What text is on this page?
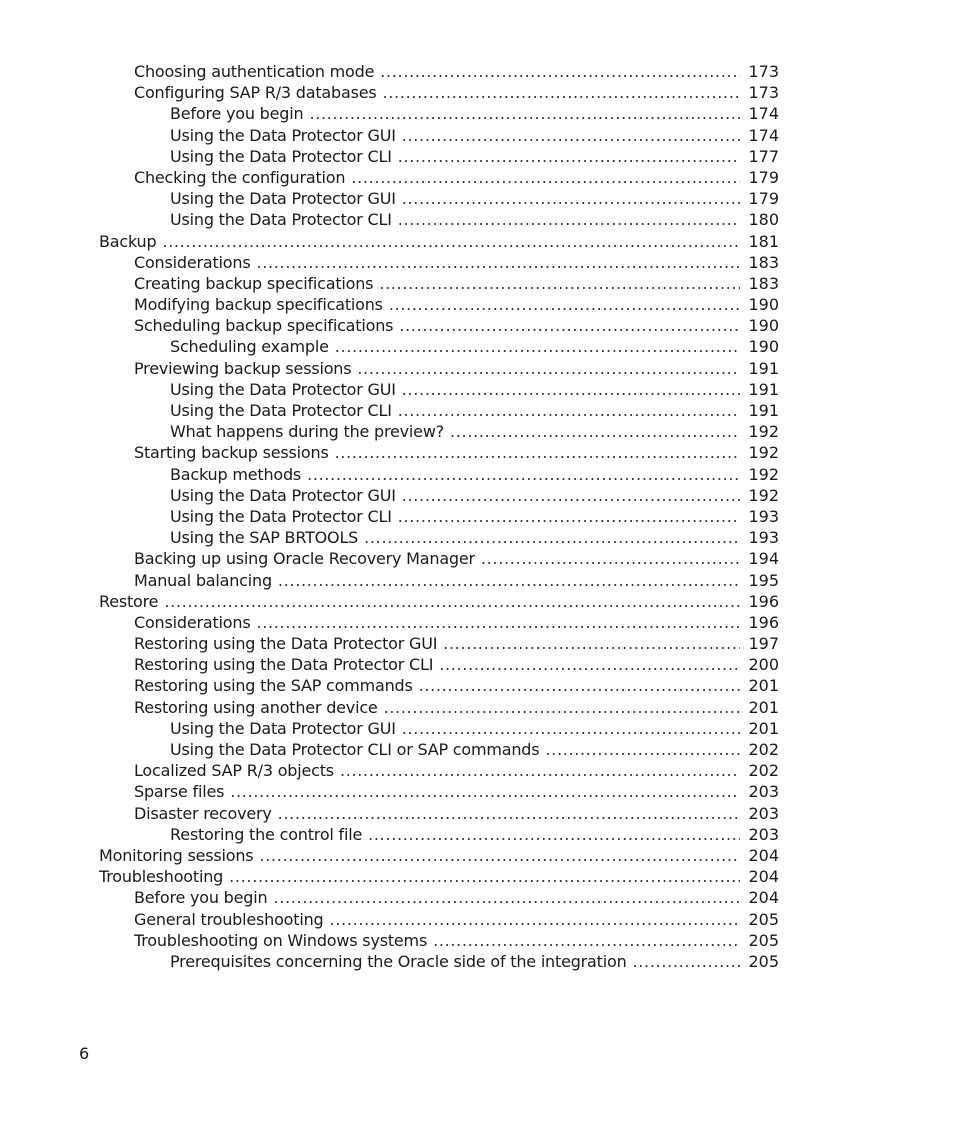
Choosing authentication mode . . .	173
Configuring SAP R/3 databases . . .	173
Before you begin . . .	174
Using the Data Protector GUI . . .	174
Using the Data Protector CLI . . .	177
Checking the configuration . . .	179
Using the Data Protector GUI . . .	179
Using the Data Protector CLI . . .	180
Backup . . .	181
Considerations . . .	183
Creating backup specifications . . .	183
Modifying backup specifications . . .	190
Scheduling backup specifications . . .	190
Scheduling example . . .	190
Previewing backup sessions . . .	191
Using the Data Protector GUI . . .	191
Using the Data Protector CLI . . .	191
What happens during the preview? . . .	192
Starting backup sessions . . .	192
Backup methods . . .	192
Using the Data Protector GUI . . .	192
Using the Data Protector CLI . . .	193
Using the SAP BRTOOLS . . .	193
Backing up using Oracle Recovery Manager . . .	194
Manual balancing . . .	195
Restore . . .	196
Considerations . . .	196
Restoring using the Data Protector GUI . . .	197
Restoring using the Data Protector CLI . . .	200
Restoring using the SAP commands . . .	201
Restoring using another device . . .	201
Using the Data Protector GUI . . .	201
Using the Data Protector CLI or SAP commands . . .	202
Localized SAP R/3 objects . . .	202
Sparse files . . .	203
Disaster recovery . . .	203
Restoring the control file . . .	203
Monitoring sessions . . .	204
Troubleshooting . . .	204
Before you begin . . .	204
General troubleshooting . . .	205
Troubleshooting on Windows systems . . .	205
Prerequisites concerning the Oracle side of the integration . . .	205
6
